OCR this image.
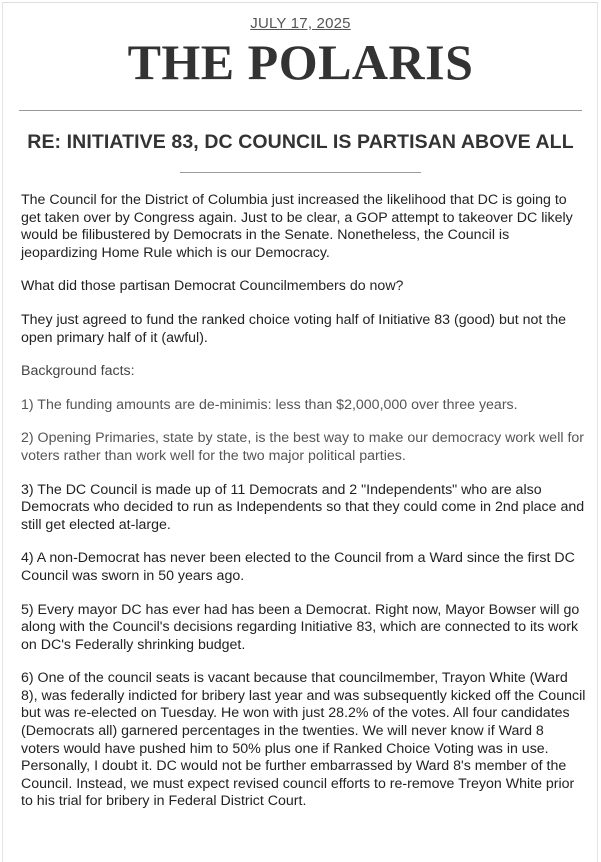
JULY 17, 2025
THE POLARIS
RE: INITIATIVE 83, DC COUNCIL IS PARTISAN ABOVE ALL

The Council for the District of Columbia just increased the likelihood that DC is going to get taken over by Congress again. Just to be clear, a GOP attempt to takeover DC likely would be filibustered by Democrats in the Senate. Nonetheless, the Council is jeopardizing Home Rule which is our Democracy.

What did those partisan Democrat Councilmembers do now?

They just agreed to fund the ranked choice voting half of Initiative 83 (good) but not the open primary half of it (awful).

Background facts:

1) The funding amounts are de-minimis: less than $2,000,000 over three years.

2) Opening Primaries, state by state, is the best way to make our democracy work well for voters rather than work well for the two major political parties.

3) The DC Council is made up of 11 Democrats and 2 "Independents" who are also Democrats who decided to run as Independents so that they could come in 2nd place and still get elected at-large.

4) A non-Democrat has never been elected to the Council from a Ward since the first DC Council was sworn in 50 years ago.

5) Every mayor DC has ever had has been a Democrat. Right now, Mayor Bowser will go along with the Council's decisions regarding Initiative 83, which are connected to its work on DC's Federally shrinking budget.

6) One of the council seats is vacant because that councilmember, Trayon White (Ward 8), was federally indicted for bribery last year and was subsequently kicked off the Council but was re-elected on Tuesday. He won with just 28.2% of the votes. All four candidates (Democrats all) garnered percentages in the twenties. We will never know if Ward 8 voters would have pushed him to 50% plus one if Ranked Choice Voting was in use. Personally, I doubt it. DC would not be further embarrassed by Ward 8's member of the Council. Instead, we must expect revised council efforts to re-remove Treyon White prior to his trial for bribery in Federal District Court.
